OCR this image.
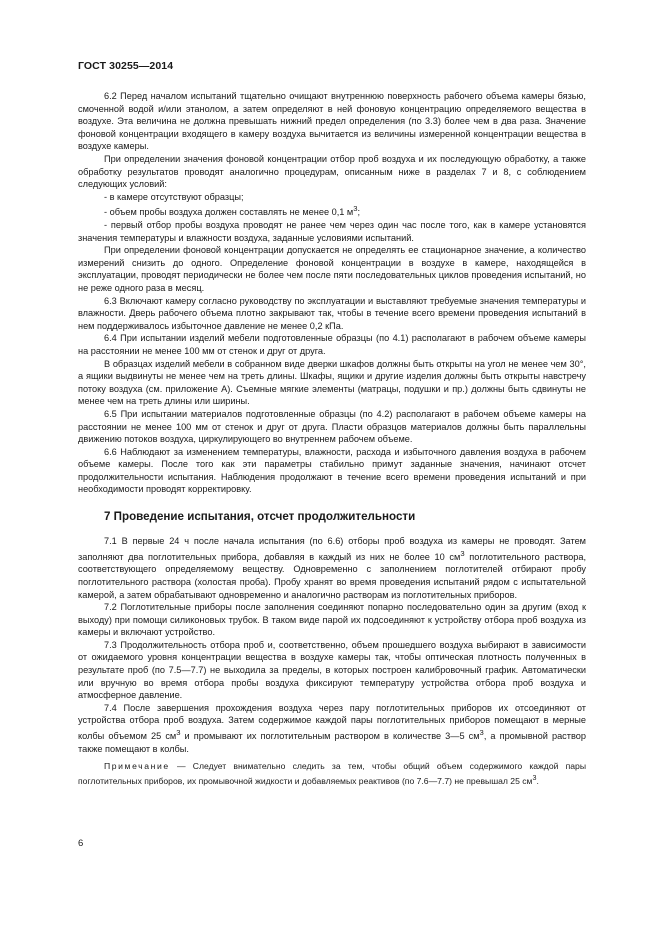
ГОСТ 30255—2014

6.2 Перед началом испытаний тщательно очищают внутреннюю поверхность рабочего объема камеры бязью, смоченной водой и/или этанолом, а затем определяют в ней фоновую концентрацию определяемого вещества в воздухе. Эта величина не должна превышать нижний предел определения (по 3.3) более чем в два раза. Значение фоновой концентрации входящего в камеру воздуха вычитается из величины измеренной концентрации вещества в воздухе камеры.

При определении значения фоновой концентрации отбор проб воздуха и их последующую обработку, а также обработку результатов проводят аналогично процедурам, описанным ниже в разделах 7 и 8, с соблюдением следующих условий:

- в камере отсутствуют образцы;

- объем пробы воздуха должен составлять не менее 0,1 $м^3$;

- первый отбор пробы воздуха проводят не ранее чем через один час после того, как в камере установятся значения температуры и влажности воздуха, заданные условиями испытаний.

При определении фоновой концентрации допускается не определять ее стационарное значение, а количество измерений снизить до одного. Определение фоновой концентрации в воздухе в камере, находящейся в эксплуатации, проводят периодически не более чем после пяти последовательных циклов проведения испытаний, но не реже одного раза в месяц.

6.3 Включают камеру согласно руководству по эксплуатации и выставляют требуемые значения температуры и влажности. Дверь рабочего объема плотно закрывают так, чтобы в течение всего времени проведения испытаний в нем поддерживалось избыточное давление не менее 0,2 кПа.

6.4 При испытании изделий мебели подготовленные образцы (по 4.1) располагают в рабочем объеме камеры на расстоянии не менее 100 мм от стенок и друг от друга.

В образцах изделий мебели в собранном виде дверки шкафов должны быть открыты на угол не менее чем 30°, а ящики выдвинуты не менее чем на треть длины. Шкафы, ящики и другие изделия должны быть открыты навстречу потоку воздуха (см. приложение А). Съемные мягкие элементы (матрацы, подушки и пр.) должны быть сдвинуты не менее чем на треть длины или ширины.

6.5 При испытании материалов подготовленные образцы (по 4.2) располагают в рабочем объеме камеры на расстоянии не менее 100 мм от стенок и друг от друга. Пласти образцов материалов должны быть параллельны движению потоков воздуха, циркулирующего во внутреннем рабочем объеме.

6.6 Наблюдают за изменением температуры, влажности, расхода и избыточного давления воздуха в рабочем объеме камеры. После того как эти параметры стабильно примут заданные значения, начинают отсчет продолжительности испытания. Наблюдения продолжают в течение всего времени проведения испытаний и при необходимости проводят корректировку.

7 Проведение испытания, отсчет продолжительности

7.1 В первые 24 ч после начала испытания (по 6.6) отборы проб воздуха из камеры не проводят. Затем заполняют два поглотительных прибора, добавляя в каждый из них не более 10 $см^3$ поглотительного раствора, соответствующего определяемому веществу. Одновременно с заполнением поглотителей отбирают пробу поглотительного раствора (холостая проба). Пробу хранят во время проведения испытаний рядом с испытательной камерой, а затем обрабатывают одновременно и аналогично растворам из поглотительных приборов.

7.2 Поглотительные приборы после заполнения соединяют попарно последовательно один за другим (вход к выходу) при помощи силиконовых трубок. В таком виде парой их подсоединяют к устройству отбора проб воздуха из камеры и включают устройство.

7.3 Продолжительность отбора проб и, соответственно, объем прошедшего воздуха выбирают в зависимости от ожидаемого уровня концентрации вещества в воздухе камеры так, чтобы оптическая плотность полученных в результате проб (по 7.5—7.7) не выходила за пределы, в которых построен калибровочный график. Автоматически или вручную во время отбора пробы воздуха фиксируют температуру устройства отбора проб воздуха и атмосферное давление.

7.4 После завершения прохождения воздуха через пару поглотительных приборов их отсоединяют от устройства отбора проб воздуха. Затем содержимое каждой пары поглотительных приборов помещают в мерные колбы объемом 25 $см^3$ и промывают их поглотительным раствором в количестве 3—5 $см^3$, а промывной раствор также помещают в колбы.

Примечание — Следует внимательно следить за тем, чтобы общий объем содержимого каждой пары поглотительных приборов, их промывочной жидкости и добавляемых реактивов (по 7.6—7.7) не превышал 25 $см^3$.
6
